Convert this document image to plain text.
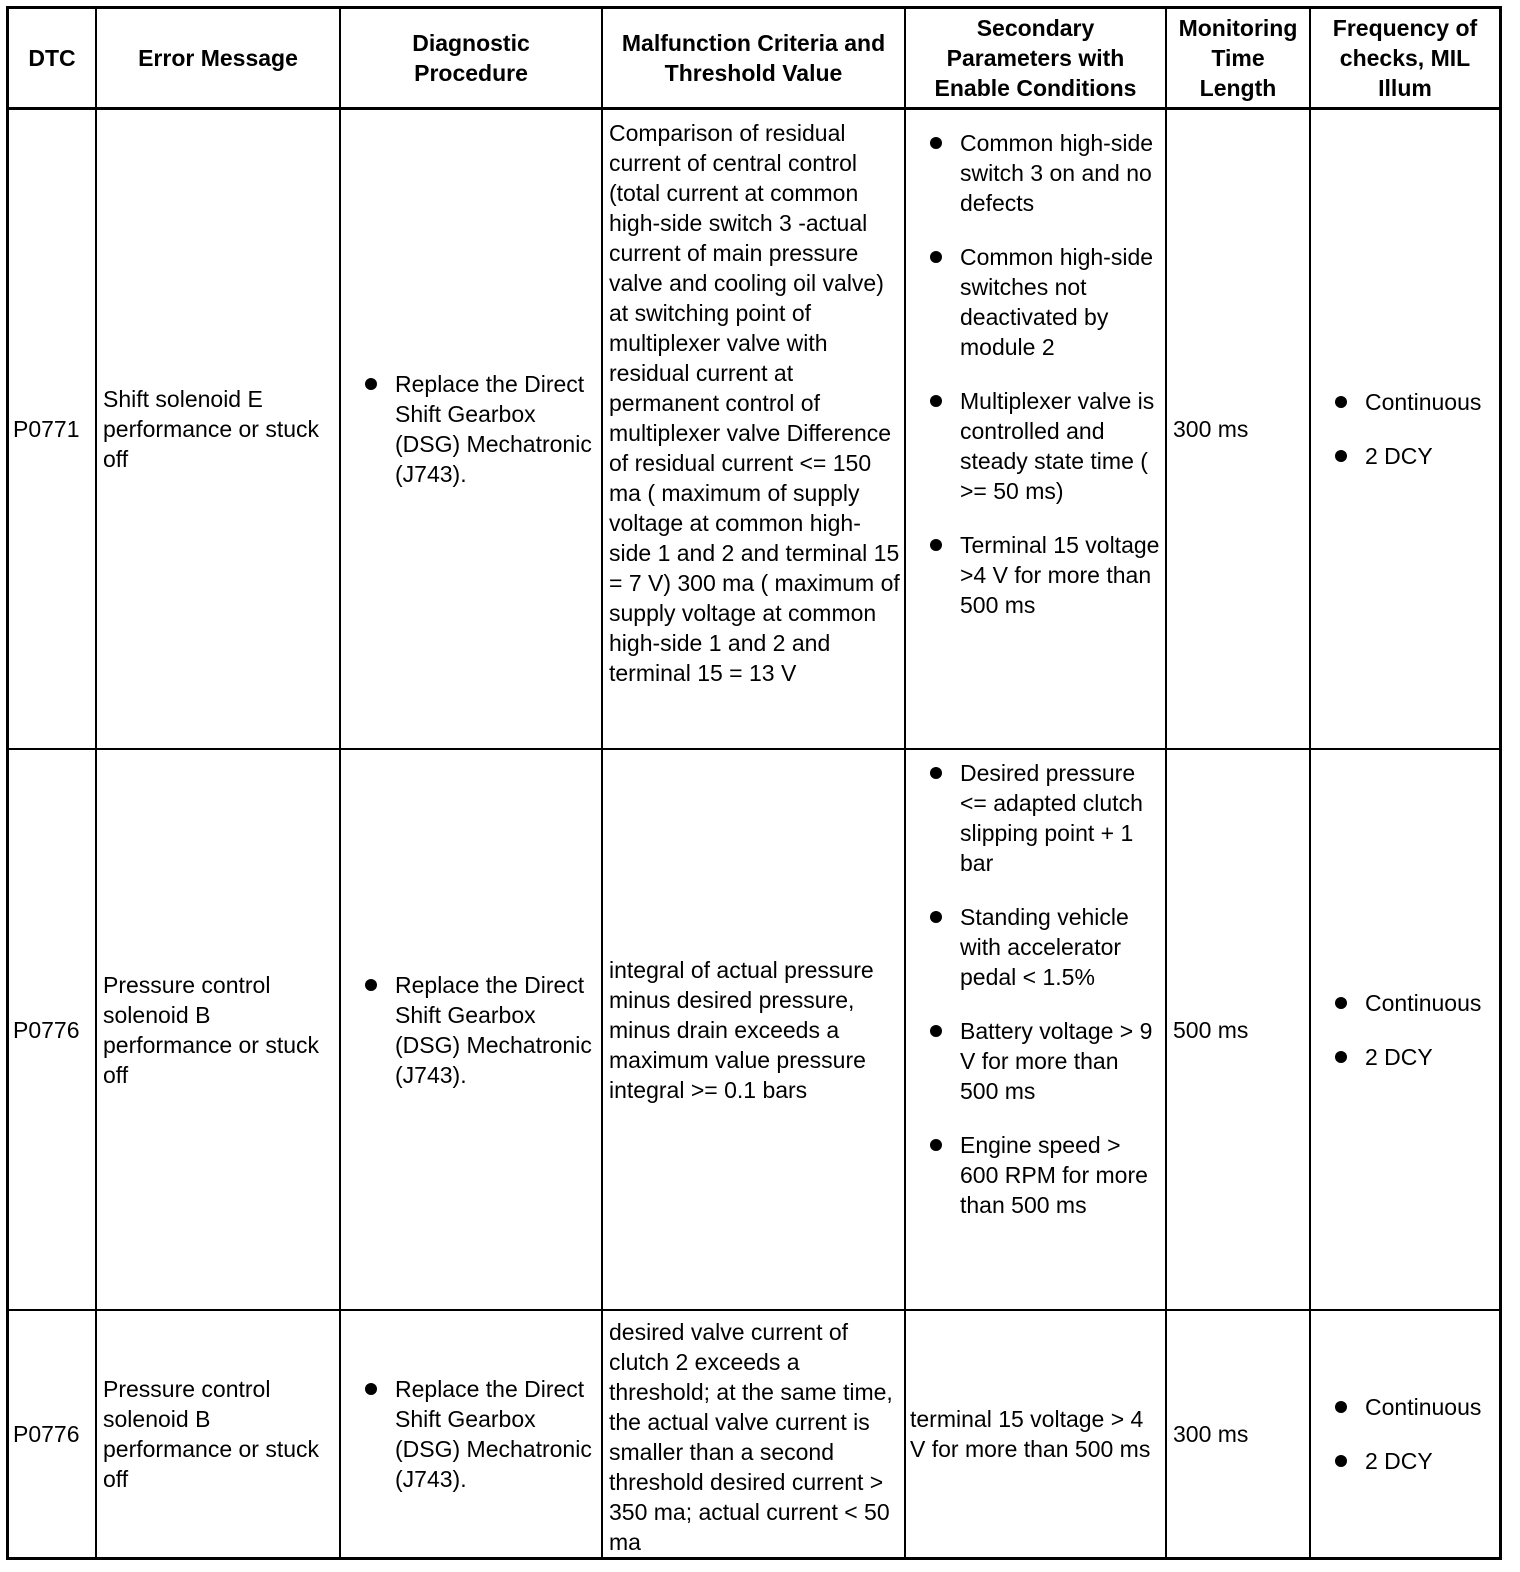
DTC	Error Message
Diagnostic Procedure
Malfunction Criteria and Threshold Value
Secondary Parameters with Enable Conditions
Monitoring Time Length
Frequency of checks, MIL Illum
P0771
Shift solenoid E performance or stuck off
Replace the Direct Shift Gearbox (DSG) Mechatronic (J743).
Comparison of residual current of central control (total current at common high-side switch 3 -actual current of main pressure valve and cooling oil valve) at switching point of multiplexer valve with residual current at permanent control of multiplexer valve Difference of residual current <= 150 ma ( maximum of supply voltage at common high-side 1 and 2 and terminal 15 = 7 V) 300 ma ( maximum of supply voltage at common high-side 1 and 2 and terminal 15 = 13 V
Common high-side switch 3 on and no defects
Common high-side switches not deactivated by module 2
Multiplexer valve is controlled and steady state time ( >= 50 ms)
Terminal 15 voltage >4 V for more than 500 ms
300 ms
Continuous
2 DCY
P0776
Pressure control solenoid B performance or stuck off
Replace the Direct Shift Gearbox (DSG) Mechatronic (J743).
integral of actual pressure minus desired pressure, minus drain exceeds a maximum value pressure integral >= 0.1 bars
Desired pressure <= adapted clutch slipping point + 1 bar
Standing vehicle with accelerator pedal < 1.5%
Battery voltage > 9 V for more than 500 ms
Engine speed > 600 RPM for more than 500 ms
500 ms
Continuous
2 DCY
P0776
Pressure control solenoid B performance or stuck off
Replace the Direct Shift Gearbox (DSG) Mechatronic (J743).
desired valve current of clutch 2 exceeds a threshold; at the same time, the actual valve current is smaller than a second threshold desired current > 350 ma; actual current < 50 ma
terminal 15 voltage > 4 V for more than 500 ms
300 ms
Continuous
2 DCY
